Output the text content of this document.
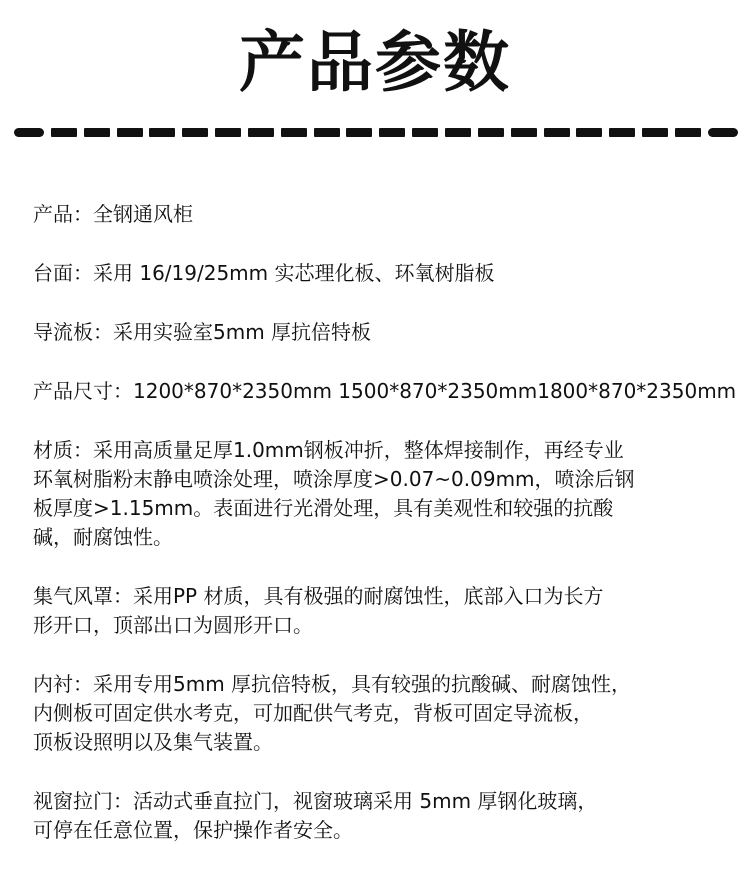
产品参数
产品：全钢通风柜
台面：采用 16/19/25mm 实芯理化板、环氧树脂板
导流板：采用实验室5mm 厚抗倍特板
产品尺寸：1200*870*2350mm 1500*870*2350mm1800*870*2350mm
材质：采用高质量足厚1.0mm钢板冲折，整体焊接制作，再经专业
环氧树脂粉末静电喷涂处理，喷涂厚度>0.07~0.09mm，喷涂后钢
板厚度>1.15mm。表面进行光滑处理，具有美观性和较强的抗酸
碱，耐腐蚀性。
集气风罩：采用PP 材质，具有极强的耐腐蚀性，底部入口为长方
形开口，顶部出口为圆形开口。
内衬：采用专用5mm 厚抗倍特板，具有较强的抗酸碱、耐腐蚀性，
内侧板可固定供水考克，可加配供气考克，背板可固定导流板，
顶板设照明以及集气装置。
视窗拉门：活动式垂直拉门，视窗玻璃采用 5mm 厚钢化玻璃，
可停在任意位置，保护操作者安全。
